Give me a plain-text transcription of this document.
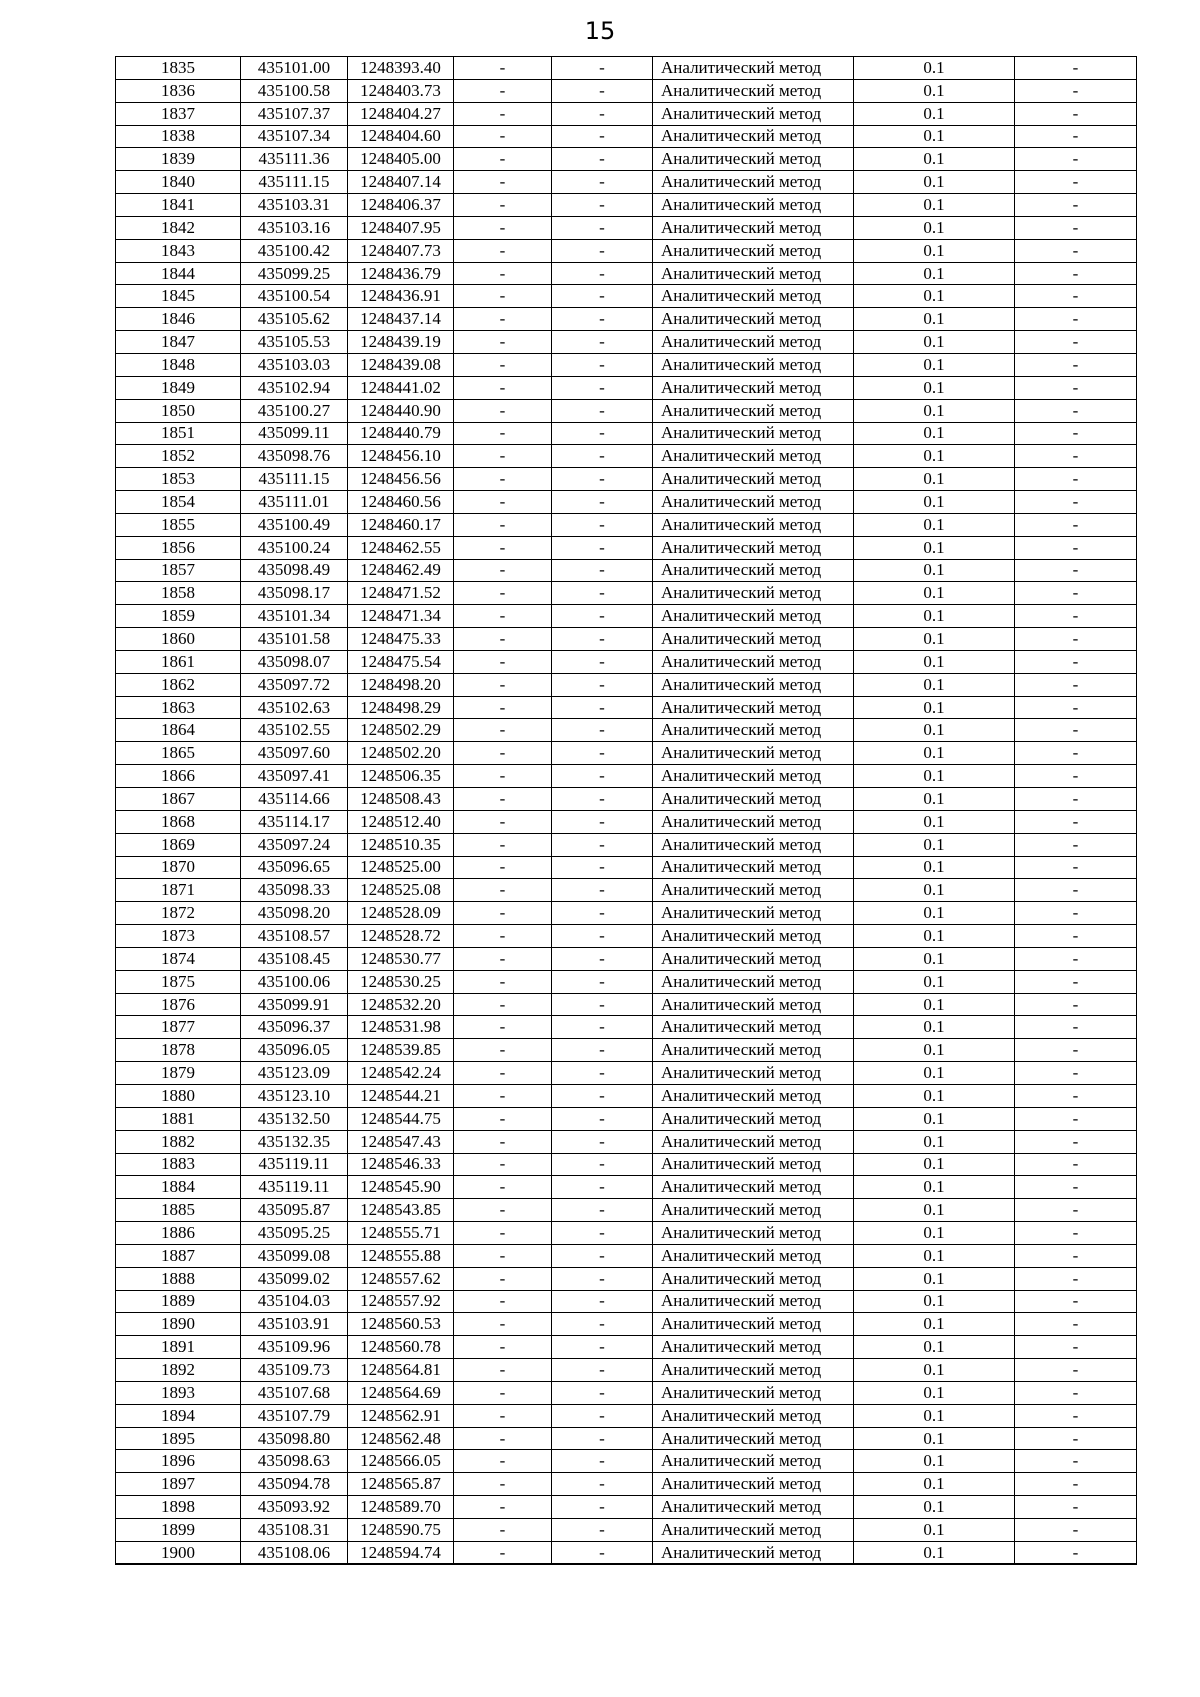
15
1835	435101.00	1248393.40	-	-	Аналитический метод	0.1	-
1836	435100.58	1248403.73	-	-	Аналитический метод	0.1	-
1837	435107.37	1248404.27	-	-	Аналитический метод	0.1	-
1838	435107.34	1248404.60	-	-	Аналитический метод	0.1	-
1839	435111.36	1248405.00	-	-	Аналитический метод	0.1	-
1840	435111.15	1248407.14	-	-	Аналитический метод	0.1	-
1841	435103.31	1248406.37	-	-	Аналитический метод	0.1	-
1842	435103.16	1248407.95	-	-	Аналитический метод	0.1	-
1843	435100.42	1248407.73	-	-	Аналитический метод	0.1	-
1844	435099.25	1248436.79	-	-	Аналитический метод	0.1	-
1845	435100.54	1248436.91	-	-	Аналитический метод	0.1	-
1846	435105.62	1248437.14	-	-	Аналитический метод	0.1	-
1847	435105.53	1248439.19	-	-	Аналитический метод	0.1	-
1848	435103.03	1248439.08	-	-	Аналитический метод	0.1	-
1849	435102.94	1248441.02	-	-	Аналитический метод	0.1	-
1850	435100.27	1248440.90	-	-	Аналитический метод	0.1	-
1851	435099.11	1248440.79	-	-	Аналитический метод	0.1	-
1852	435098.76	1248456.10	-	-	Аналитический метод	0.1	-
1853	435111.15	1248456.56	-	-	Аналитический метод	0.1	-
1854	435111.01	1248460.56	-	-	Аналитический метод	0.1	-
1855	435100.49	1248460.17	-	-	Аналитический метод	0.1	-
1856	435100.24	1248462.55	-	-	Аналитический метод	0.1	-
1857	435098.49	1248462.49	-	-	Аналитический метод	0.1	-
1858	435098.17	1248471.52	-	-	Аналитический метод	0.1	-
1859	435101.34	1248471.34	-	-	Аналитический метод	0.1	-
1860	435101.58	1248475.33	-	-	Аналитический метод	0.1	-
1861	435098.07	1248475.54	-	-	Аналитический метод	0.1	-
1862	435097.72	1248498.20	-	-	Аналитический метод	0.1	-
1863	435102.63	1248498.29	-	-	Аналитический метод	0.1	-
1864	435102.55	1248502.29	-	-	Аналитический метод	0.1	-
1865	435097.60	1248502.20	-	-	Аналитический метод	0.1	-
1866	435097.41	1248506.35	-	-	Аналитический метод	0.1	-
1867	435114.66	1248508.43	-	-	Аналитический метод	0.1	-
1868	435114.17	1248512.40	-	-	Аналитический метод	0.1	-
1869	435097.24	1248510.35	-	-	Аналитический метод	0.1	-
1870	435096.65	1248525.00	-	-	Аналитический метод	0.1	-
1871	435098.33	1248525.08	-	-	Аналитический метод	0.1	-
1872	435098.20	1248528.09	-	-	Аналитический метод	0.1	-
1873	435108.57	1248528.72	-	-	Аналитический метод	0.1	-
1874	435108.45	1248530.77	-	-	Аналитический метод	0.1	-
1875	435100.06	1248530.25	-	-	Аналитический метод	0.1	-
1876	435099.91	1248532.20	-	-	Аналитический метод	0.1	-
1877	435096.37	1248531.98	-	-	Аналитический метод	0.1	-
1878	435096.05	1248539.85	-	-	Аналитический метод	0.1	-
1879	435123.09	1248542.24	-	-	Аналитический метод	0.1	-
1880	435123.10	1248544.21	-	-	Аналитический метод	0.1	-
1881	435132.50	1248544.75	-	-	Аналитический метод	0.1	-
1882	435132.35	1248547.43	-	-	Аналитический метод	0.1	-
1883	435119.11	1248546.33	-	-	Аналитический метод	0.1	-
1884	435119.11	1248545.90	-	-	Аналитический метод	0.1	-
1885	435095.87	1248543.85	-	-	Аналитический метод	0.1	-
1886	435095.25	1248555.71	-	-	Аналитический метод	0.1	-
1887	435099.08	1248555.88	-	-	Аналитический метод	0.1	-
1888	435099.02	1248557.62	-	-	Аналитический метод	0.1	-
1889	435104.03	1248557.92	-	-	Аналитический метод	0.1	-
1890	435103.91	1248560.53	-	-	Аналитический метод	0.1	-
1891	435109.96	1248560.78	-	-	Аналитический метод	0.1	-
1892	435109.73	1248564.81	-	-	Аналитический метод	0.1	-
1893	435107.68	1248564.69	-	-	Аналитический метод	0.1	-
1894	435107.79	1248562.91	-	-	Аналитический метод	0.1	-
1895	435098.80	1248562.48	-	-	Аналитический метод	0.1	-
1896	435098.63	1248566.05	-	-	Аналитический метод	0.1	-
1897	435094.78	1248565.87	-	-	Аналитический метод	0.1	-
1898	435093.92	1248589.70	-	-	Аналитический метод	0.1	-
1899	435108.31	1248590.75	-	-	Аналитический метод	0.1	-
1900	435108.06	1248594.74	-	-	Аналитический метод	0.1	-
